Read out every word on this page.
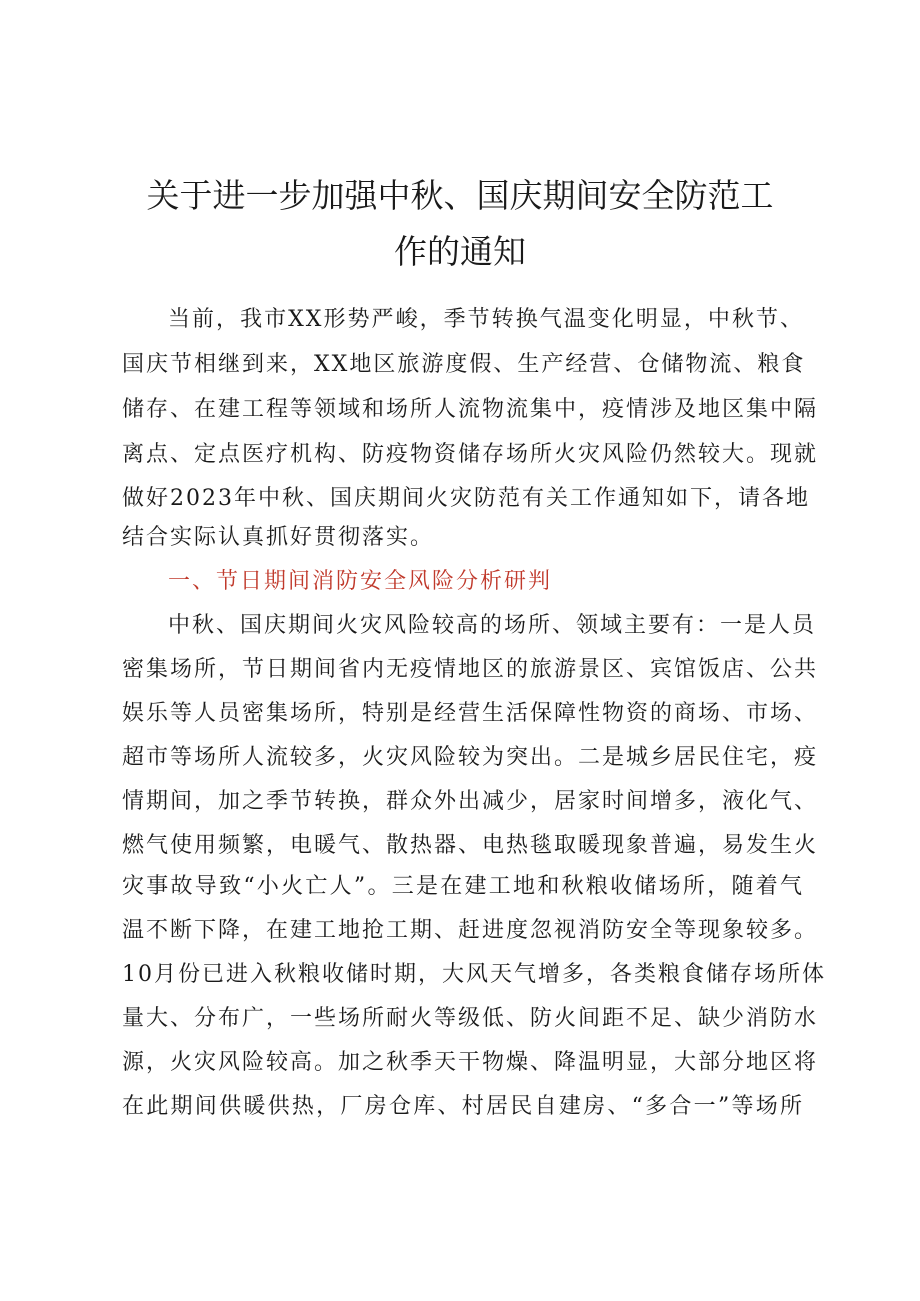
关于进一步加强中秋、国庆期间安全防范工
作的通知
当前，我市XX形势严峻，季节转换气温变化明显，中秋节、
国庆节相继到来，XX地区旅游度假、生产经营、仓储物流、粮食
储存、在建工程等领域和场所人流物流集中，疫情涉及地区集中隔
离点、定点医疗机构、防疫物资储存场所火灾风险仍然较大。现就
做好2023年中秋、国庆期间火灾防范有关工作通知如下，请各地
结合实际认真抓好贯彻落实。
一、节日期间消防安全风险分析研判
中秋、国庆期间火灾风险较高的场所、领域主要有：一是人员
密集场所，节日期间省内无疫情地区的旅游景区、宾馆饭店、公共
娱乐等人员密集场所，特别是经营生活保障性物资的商场、市场、
超市等场所人流较多，火灾风险较为突出。二是城乡居民住宅，疫
情期间，加之季节转换，群众外出减少，居家时间增多，液化气、
燃气使用频繁，电暖气、散热器、电热毯取暖现象普遍，易发生火
灾事故导致“小火亡人”。三是在建工地和秋粮收储场所，随着气
温不断下降，在建工地抢工期、赶进度忽视消防安全等现象较多。
10月份已进入秋粮收储时期，大风天气增多，各类粮食储存场所体
量大、分布广，一些场所耐火等级低、防火间距不足、缺少消防水
源，火灾风险较高。加之秋季天干物燥、降温明显，大部分地区将
在此期间供暖供热，厂房仓库、村居民自建房、“多合一”等场所
